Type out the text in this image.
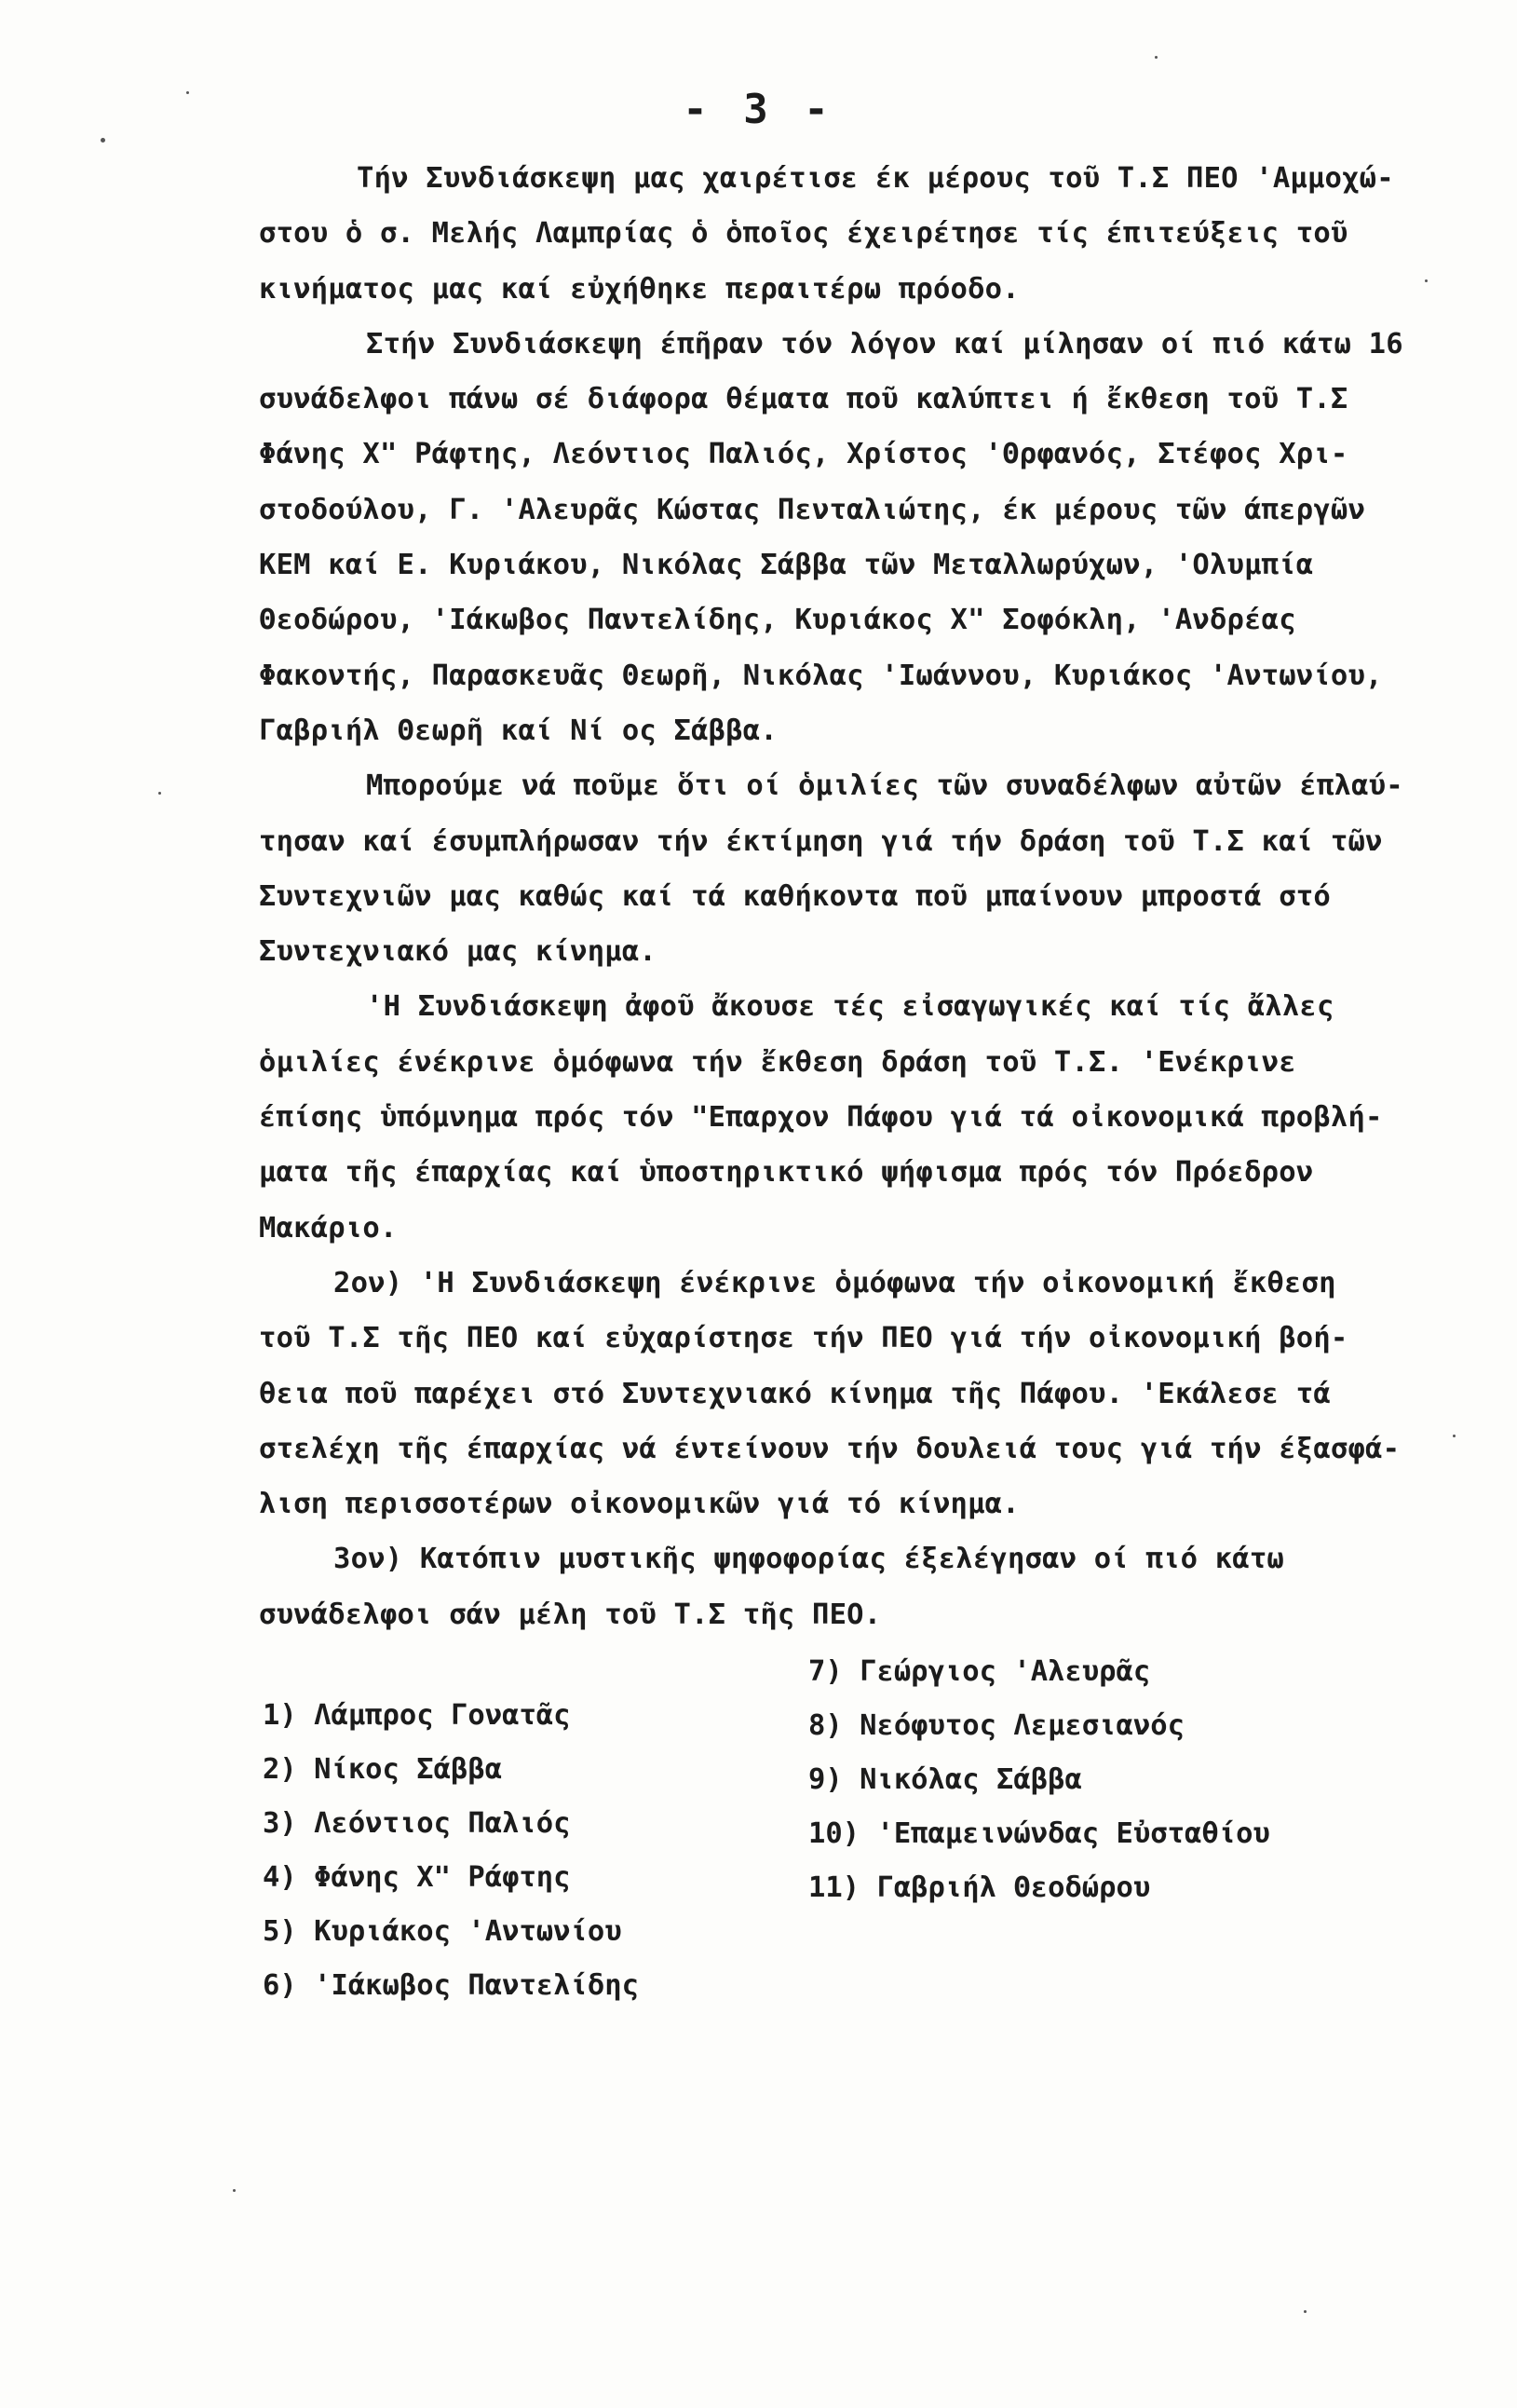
- 3 -
Τήν Συνδιάσκεψη μας χαιρέτισε έκ μέρους τοῦ Τ.Σ ΠΕΟ 'Αμμοχώ-
στου ὁ σ. Μελής Λαμπρίας ὁ ὁποῖος έχειρέτησε τίς έπιτεύξεις τοῦ
κινήματος μας καί εὐχήθηκε περαιτέρω πρόοδο.
Στήν Συνδιάσκεψη έπῆραν τόν λόγον καί μίλησαν οί πιό κάτω 16
συνάδελφοι πάνω σέ διάφορα θέματα ποῦ καλύπτει ή ἔκθεση τοῦ Τ.Σ
Φάνης Χ" Ράφτης, Λεόντιος Παλιός, Χρίστος 'Θρφανός, Στέφος Χρι-
στοδούλου, Γ. 'Αλευρᾶς Κώστας Πενταλιώτης, έκ μέρους τῶν άπεργῶν
ΚΕΜ καί Ε. Κυριάκου, Νικόλας Σάββα τῶν Μεταλλωρύχων, 'Ολυμπία
Θεοδώρου, 'Ιάκωβος Παντελίδης, Κυριάκος Χ" Σοφόκλη, 'Ανδρέας
Φακοντής, Παρασκευᾶς Θεωρῆ, Νικόλας 'Ιωάννου, Κυριάκος 'Αντωνίου,
Γαβριήλ Θεωρῆ καί Νί ος Σάββα.
Μπορούμε νά ποῦμε ὅτι οί ὁμιλίες τῶν συναδέλφων αὐτῶν έπλαύ-
τησαν καί έσυμπλήρωσαν τήν έκτίμηση γιά τήν δράση τοῦ Τ.Σ καί τῶν
Συντεχνιῶν μας καθώς καί τά καθήκοντα ποῦ μπαίνουν μπροστά στό
Συντεχνιακό μας κίνημα.
'Η Συνδιάσκεψη ἀφοῦ ἄκουσε τές εἰσαγωγικές καί τίς ἄλλες
ὁμιλίες ένέκρινε ὁμόφωνα τήν ἔκθεση δράση τοῦ Τ.Σ. 'Ενέκρινε
έπίσης ὑπόμνημα πρός τόν "Επαρχον Πάφου γιά τά οἰκονομικά προβλή-
ματα τῆς έπαρχίας καί ὑποστηρικτικό ψήφισμα πρός τόν Πρόεδρον
Μακάριο.
2ον) 'Η Συνδιάσκεψη ένέκρινε ὁμόφωνα τήν οἰκονομική ἔκθεση
τοῦ Τ.Σ τῆς ΠΕΟ καί εὐχαρίστησε τήν ΠΕΟ γιά τήν οἰκονομική βοή-
θεια ποῦ παρέχει στό Συντεχνιακό κίνημα τῆς Πάφου. 'Εκάλεσε τά
στελέχη τῆς έπαρχίας νά έντείνουν τήν δουλειά τους γιά τήν έξασφά-
λιση περισσοτέρων οἰκονομικῶν γιά τό κίνημα.
3ον) Κατόπιν μυστικῆς ψηφοφορίας έξελέγησαν οί πιό κάτω
συνάδελφοι σάν μέλη τοῦ Τ.Σ τῆς ΠΕΟ.
1) Λάμπρος Γονατᾶς
2) Νίκος Σάββα
3) Λεόντιος Παλιός
4) Φάνης Χ" Ράφτης
5) Κυριάκος 'Αντωνίου
6) 'Ιάκωβος Παντελίδης
7) Γεώργιος 'Αλευρᾶς
8) Νεόφυτος Λεμεσιανός
9) Νικόλας Σάββα
10) 'Επαμεινώνδας Εὐσταθίου
11) Γαβριήλ Θεοδώρου
